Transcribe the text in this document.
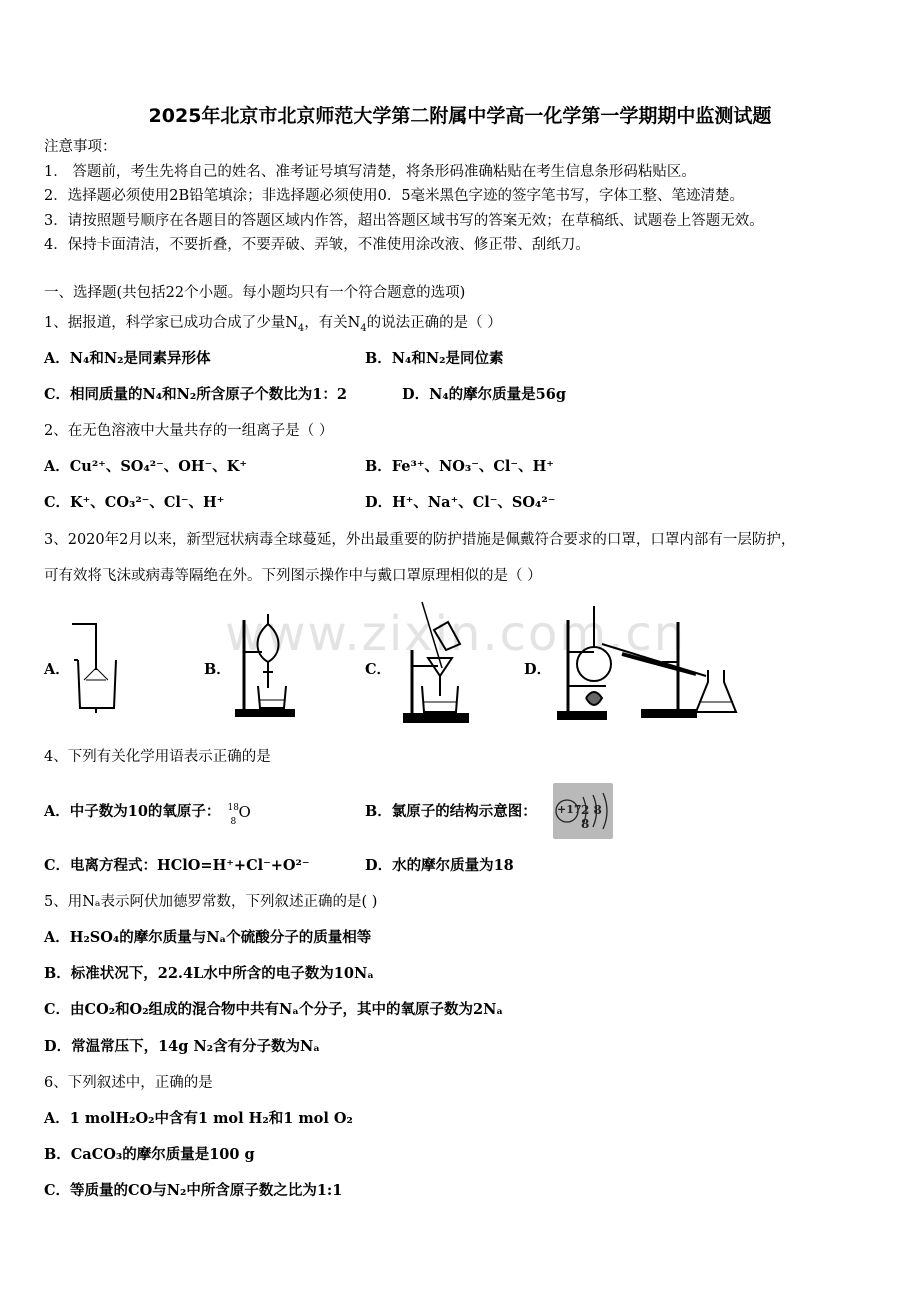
2025年北京市北京师范大学第二附属中学高一化学第一学期期中监测试题
注意事项：
1． 答题前，考生先将自己的姓名、准考证号填写清楚，将条形码准确粘贴在考生信息条形码粘贴区。
2．选择题必须使用2B铅笔填涂；非选择题必须使用0．5毫米黑色字迹的签字笔书写，字体工整、笔迹清楚。
3．请按照题号顺序在各题目的答题区域内作答，超出答题区域书写的答案无效；在草稿纸、试题卷上答题无效。
4．保持卡面清洁，不要折叠，不要弄破、弄皱，不准使用涂改液、修正带、刮纸刀。
一、选择题(共包括22个小题。每小题均只有一个符合题意的选项)
1、据报道，科学家已成功合成了少量$N_4$，有关$N_4$的说法正确的是（ ）
A．N₄和N₂是同素异形体	B．N₄和N₂是同位素
C．相同质量的N₄和N₂所含原子个数比为1：2	D．N₄的摩尔质量是56g
2、在无色溶液中大量共存的一组离子是（ ）
A．Cu²⁺、SO₄²⁻、OH⁻、K⁺	B．Fe³⁺、NO₃⁻、Cl⁻、H⁺
C．K⁺、CO₃²⁻、Cl⁻、H⁺	D．H⁺、Na⁺、Cl⁻、SO₄²⁻
3、2020年2月以来，新型冠状病毒全球蔓延，外出最重要的防护措施是佩戴符合要求的口罩，口罩内部有一层防护，
可有效将飞沫或病毒等隔绝在外。下列图示操作中与戴口罩原理相似的是（ ）
www.zixin.com.cn
A．	B．	C．	D．
4、下列有关化学用语表示正确的是
A．中子数为10的氧原子： 18
8
O	B．氯原子的结构示意图： +17 2 8 8
C．电离方程式：HClO=H⁺+Cl⁻+O²⁻	D．水的摩尔质量为18
5、用Nₐ表示阿伏加德罗常数，下列叙述正确的是( )
A．H₂SO₄的摩尔质量与Nₐ个硫酸分子的质量相等
B．标准状况下，22.4L水中所含的电子数为10Nₐ
C．由CO₂和O₂组成的混合物中共有Nₐ个分子，其中的氧原子数为2Nₐ
D．常温常压下，14g N₂含有分子数为Nₐ
6、下列叙述中，正确的是
A．1 molH₂O₂中含有1 mol H₂和1 mol O₂
B．CaCO₃的摩尔质量是100 g
C．等质量的CO与N₂中所含原子数之比为1:1
